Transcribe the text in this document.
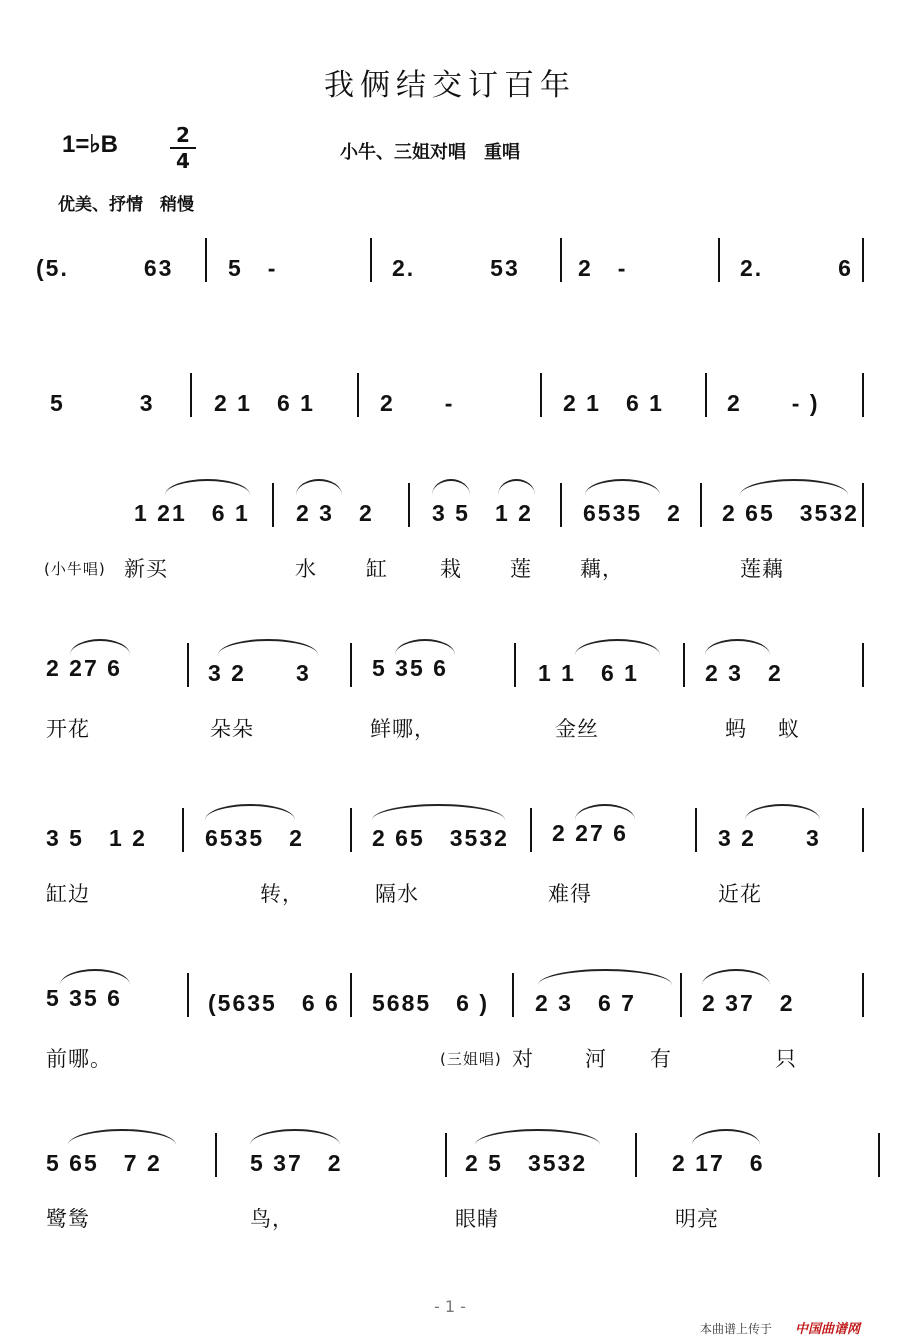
我俩结交订百年
1=♭B	2
4	小牛、三姐对唱　重唱
优美、抒情　稍慢
(5.　　　63 5　-	2.　　　53	2　-	2.　　　6
5　　　3	2 1　6 1	2　　-	2 1　6 1	2　　- )
1 21　6 1 2 3　2	3 5　1 2 6535　2 2 65　3532
(小牛唱) 新买	水 缸 栽 莲 藕，	莲藕
2 27 6	3 2　　3	5 35 6	1 1　6 1	2 3　2
开花	朵朵	鲜哪，	金丝	蚂 蚁
3 5　1 2	6535　2	2 65　3532 2 27 6	3 2　　3
缸边	转，	隔水	难得	近花
5 35 6	(5635　6 6 5685　6 ) 2 3　6 7	2 37　2
前哪。	(三姐唱) 对 河 有	只
5 65　7 2	5 37　2	2 5　3532	2 17　6
鹭鸶	鸟，	眼睛	明亮
- 1 -
本曲谱上传于 中国曲谱网
